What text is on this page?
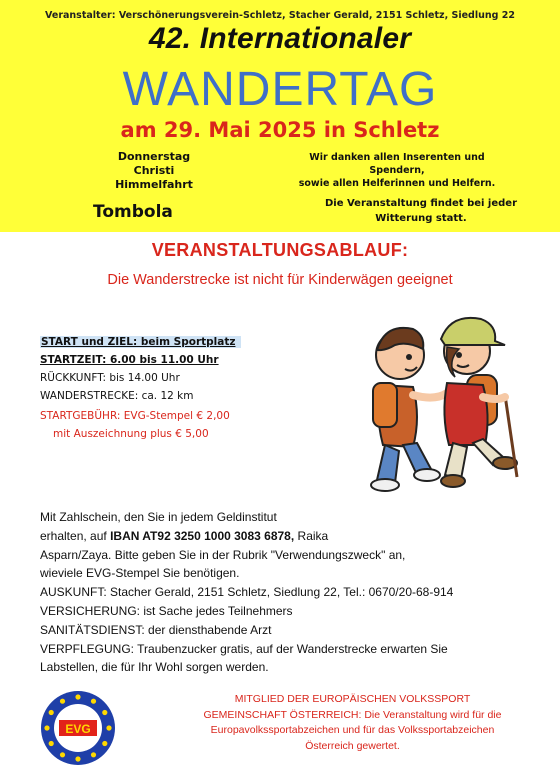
Veranstalter: Verschönerungsverein-Schletz, Stacher Gerald, 2151 Schletz, Siedlung 22
42. Internationaler
WANDERTAG
am 29. Mai 2025 in Schletz
Donnerstag
Christi Himmelfahrt
Wir danken allen Inserenten und Spendern,
sowie allen Helferinnen und Helfern.
Tombola	Die Veranstaltung findet bei jeder
Witterung statt.
VERANSTALTUNGSABLAUF:
Die Wanderstrecke ist nicht für Kinderwägen geeignet
START und ZIEL: beim Sportplatz
STARTZEIT: 6.00 bis 11.00 Uhr
RÜCKKUNFT: bis 14.00 Uhr
WANDERSTRECKE: ca. 12 km
STARTGEBÜHR: EVG-Stempel € 2,00
mit Auszeichnung plus € 5,00
Mit Zahlschein, den Sie in jedem Geldinstitut
erhalten, auf IBAN AT92 3250 1000 3083 6878, Raika
Asparn/Zaya. Bitte geben Sie in der Rubrik "Verwendungszweck" an,
wieviele EVG-Stempel Sie benötigen.
AUSKUNFT: Stacher Gerald, 2151 Schletz, Siedlung 22, Tel.: 0670/20-68-914
VERSICHERUNG: ist Sache jedes Teilnehmers
SANITÄTSDIENST: der diensthabende Arzt
VERPFLEGUNG: Traubenzucker gratis, auf der Wanderstrecke erwarten Sie
Labstellen, die für Ihr Wohl sorgen werden.
EVG
MITGLIED DER EUROPÄISCHEN VOLKSSPORT
GEMEINSCHAFT ÖSTERREICH: Die Veranstaltung wird für die
Europavolkssportabzeichen und für das Volkssportabzeichen
Österreich gewertet.
